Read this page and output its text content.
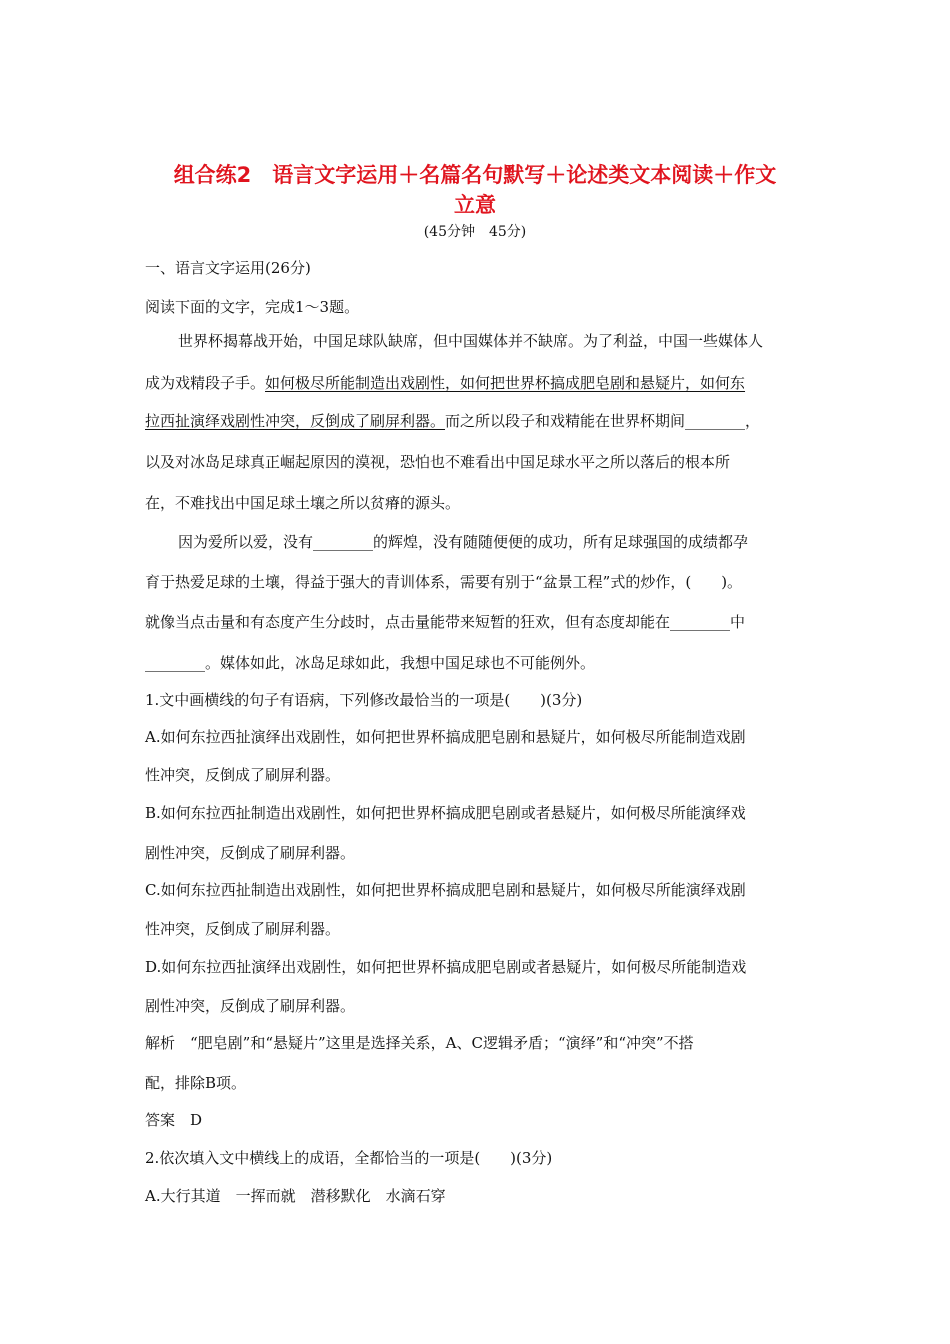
组合练2　语言文字运用＋名篇名句默写＋论述类文本阅读＋作文
立意
(45分钟　45分)
一、语言文字运用(26分)
阅读下面的文字，完成1～3题。
世界杯揭幕战开始，中国足球队缺席，但中国媒体并不缺席。为了利益，中国一些媒体人
成为戏精段子手。如何极尽所能制造出戏剧性，如何把世界杯搞成肥皂剧和悬疑片，如何东
拉西扯演绎戏剧性冲突，反倒成了刷屏利器。而之所以段子和戏精能在世界杯期间________，
以及对冰岛足球真正崛起原因的漠视，恐怕也不难看出中国足球水平之所以落后的根本所
在，不难找出中国足球土壤之所以贫瘠的源头。
因为爱所以爱，没有________的辉煌，没有随随便便的成功，所有足球强国的成绩都孕
育于热爱足球的土壤，得益于强大的青训体系，需要有别于“盆景工程”式的炒作，(　　)。
就像当点击量和有态度产生分歧时，点击量能带来短暂的狂欢，但有态度却能在________中
________。媒体如此，冰岛足球如此，我想中国足球也不可能例外。
1.文中画横线的句子有语病，下列修改最恰当的一项是(　　)(3分)
A.如何东拉西扯演绎出戏剧性，如何把世界杯搞成肥皂剧和悬疑片，如何极尽所能制造戏剧
性冲突，反倒成了刷屏利器。
B.如何东拉西扯制造出戏剧性，如何把世界杯搞成肥皂剧或者悬疑片，如何极尽所能演绎戏
剧性冲突，反倒成了刷屏利器。
C.如何东拉西扯制造出戏剧性，如何把世界杯搞成肥皂剧和悬疑片，如何极尽所能演绎戏剧
性冲突，反倒成了刷屏利器。
D.如何东拉西扯演绎出戏剧性，如何把世界杯搞成肥皂剧或者悬疑片，如何极尽所能制造戏
剧性冲突，反倒成了刷屏利器。
解析　“肥皂剧”和“悬疑片”这里是选择关系，A、C逻辑矛盾；“演绎”和“冲突”不搭
配，排除B项。
答案　D
2.依次填入文中横线上的成语，全都恰当的一项是(　　)(3分)
A.大行其道　一挥而就　潜移默化　水滴石穿
